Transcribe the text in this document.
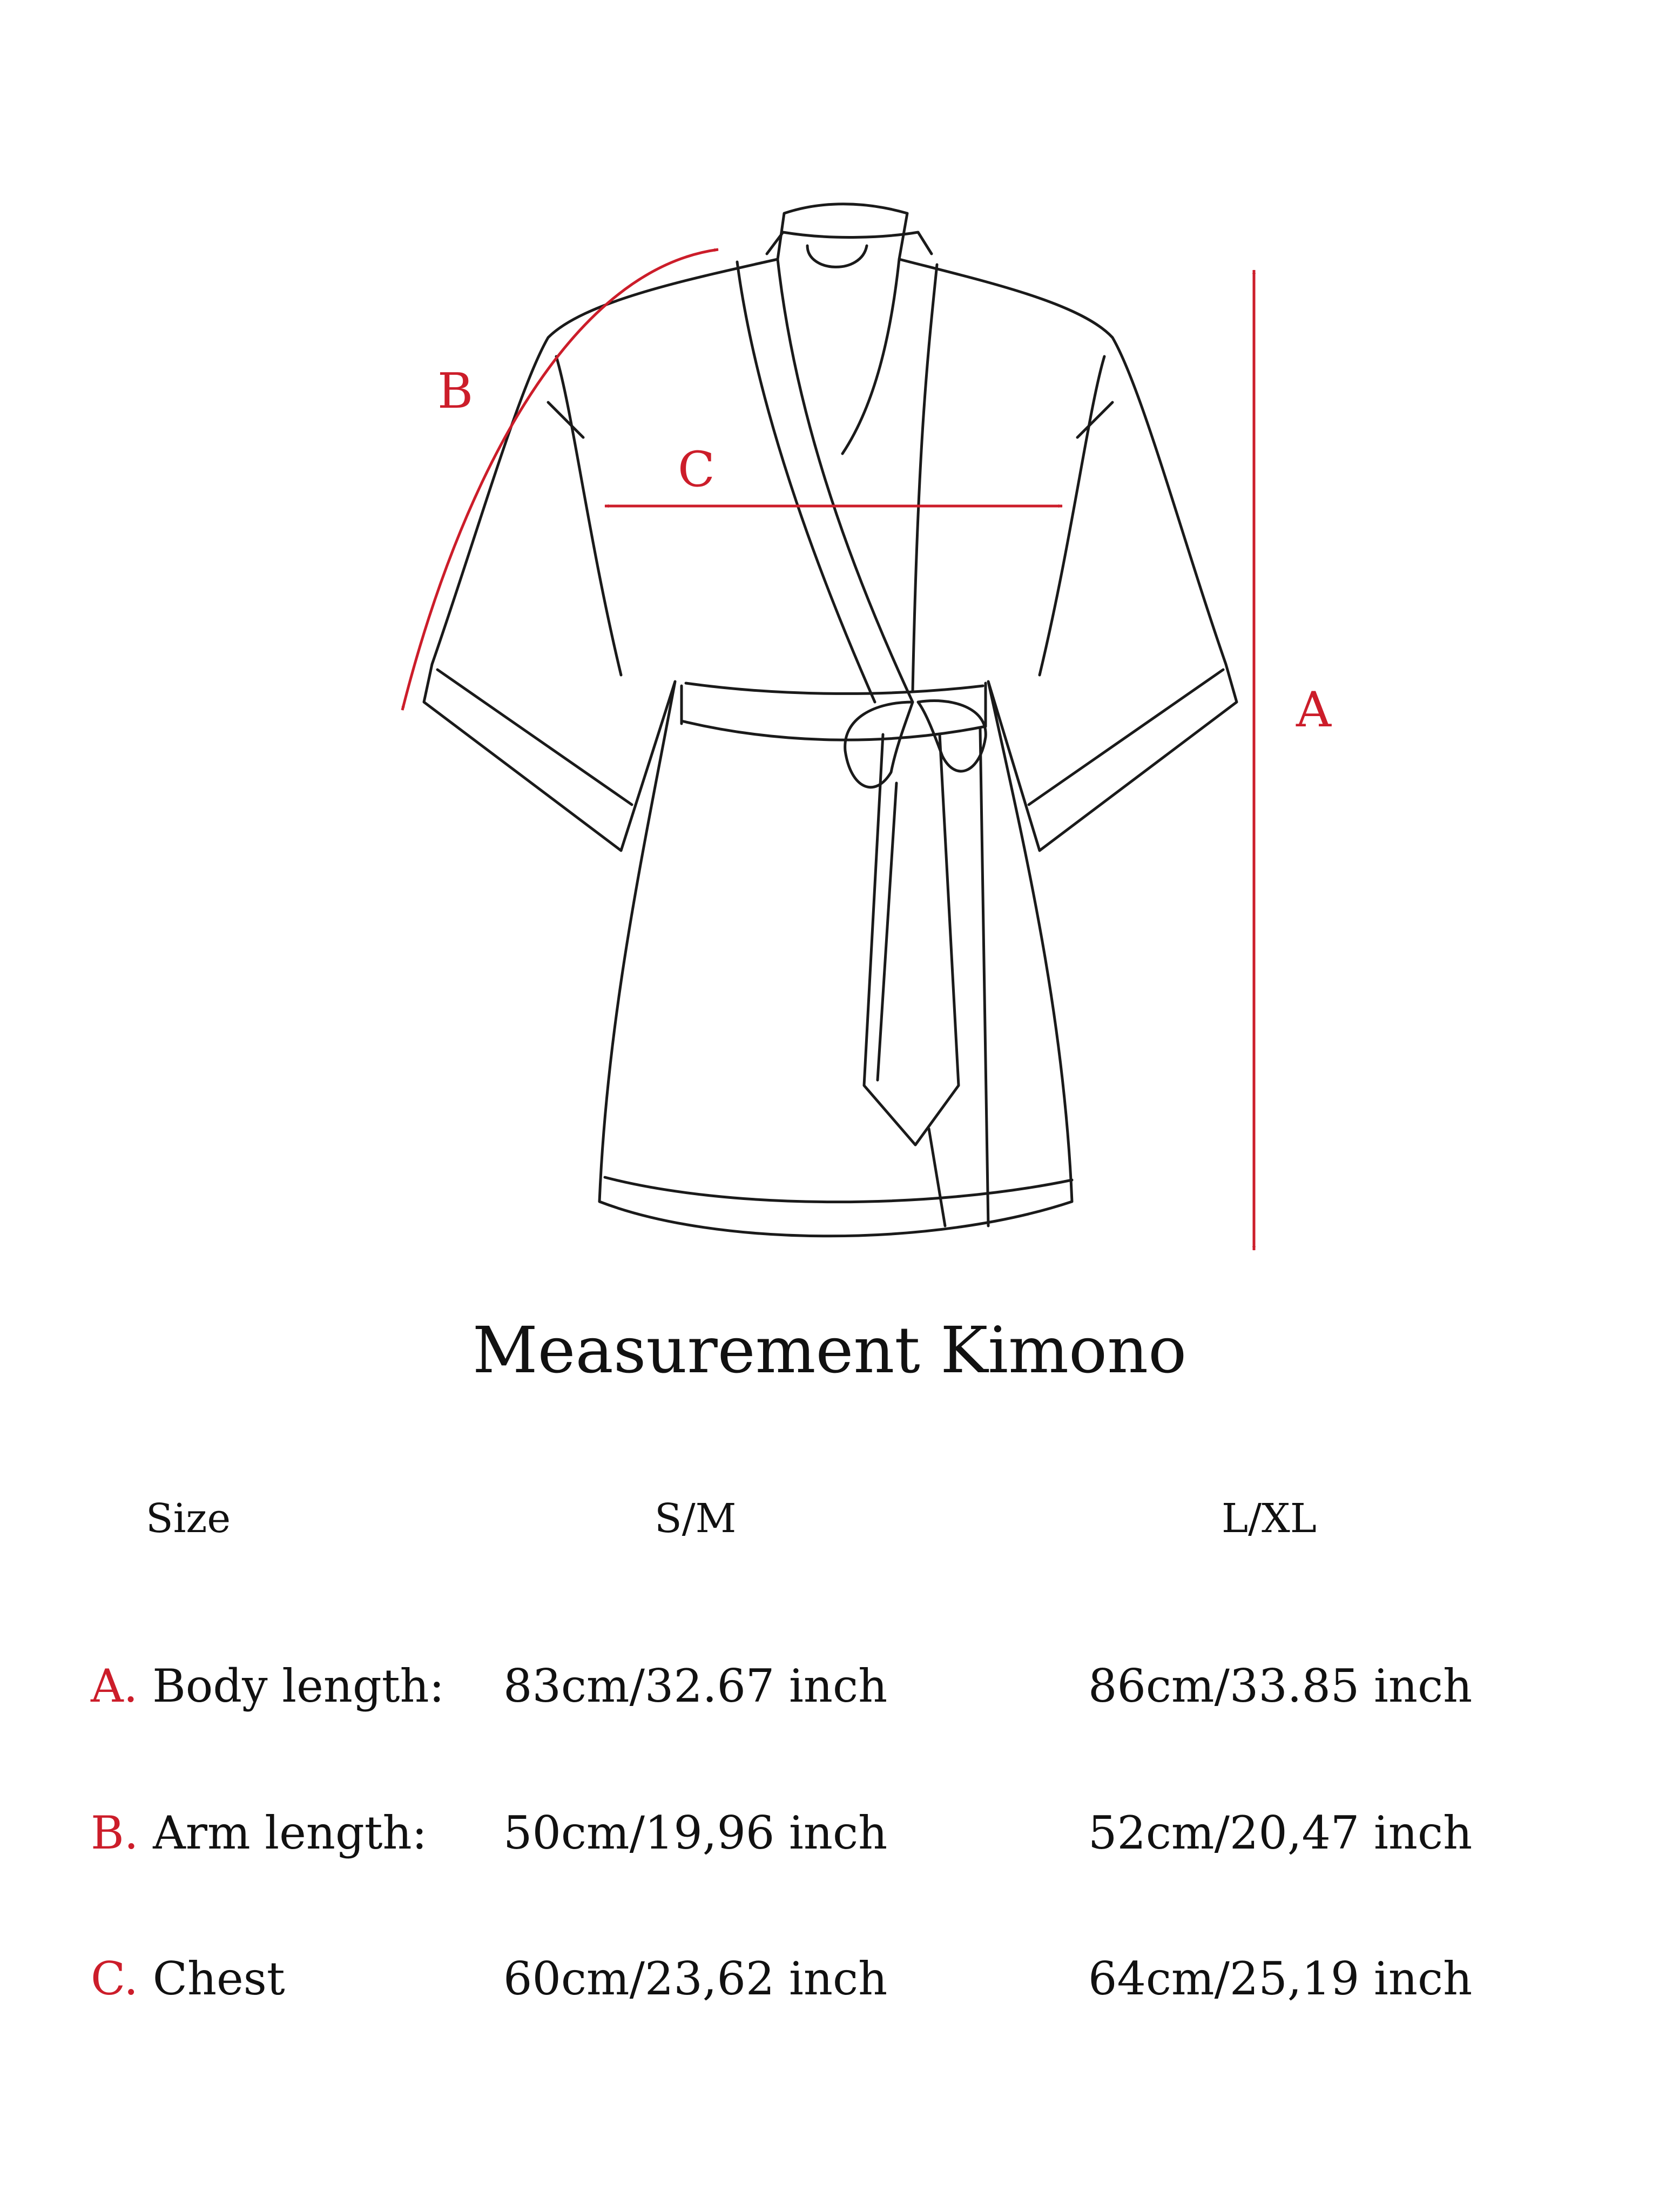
A
B
C
Measurement Kimono
Size	S/M	L/XL
A. Body length: 83cm/32.67 inch	86cm/33.85 inch
B. Arm length: 50cm/19,96 inch	52cm/20,47 inch
C. Chest	60cm/23,62 inch	64cm/25,19 inch
